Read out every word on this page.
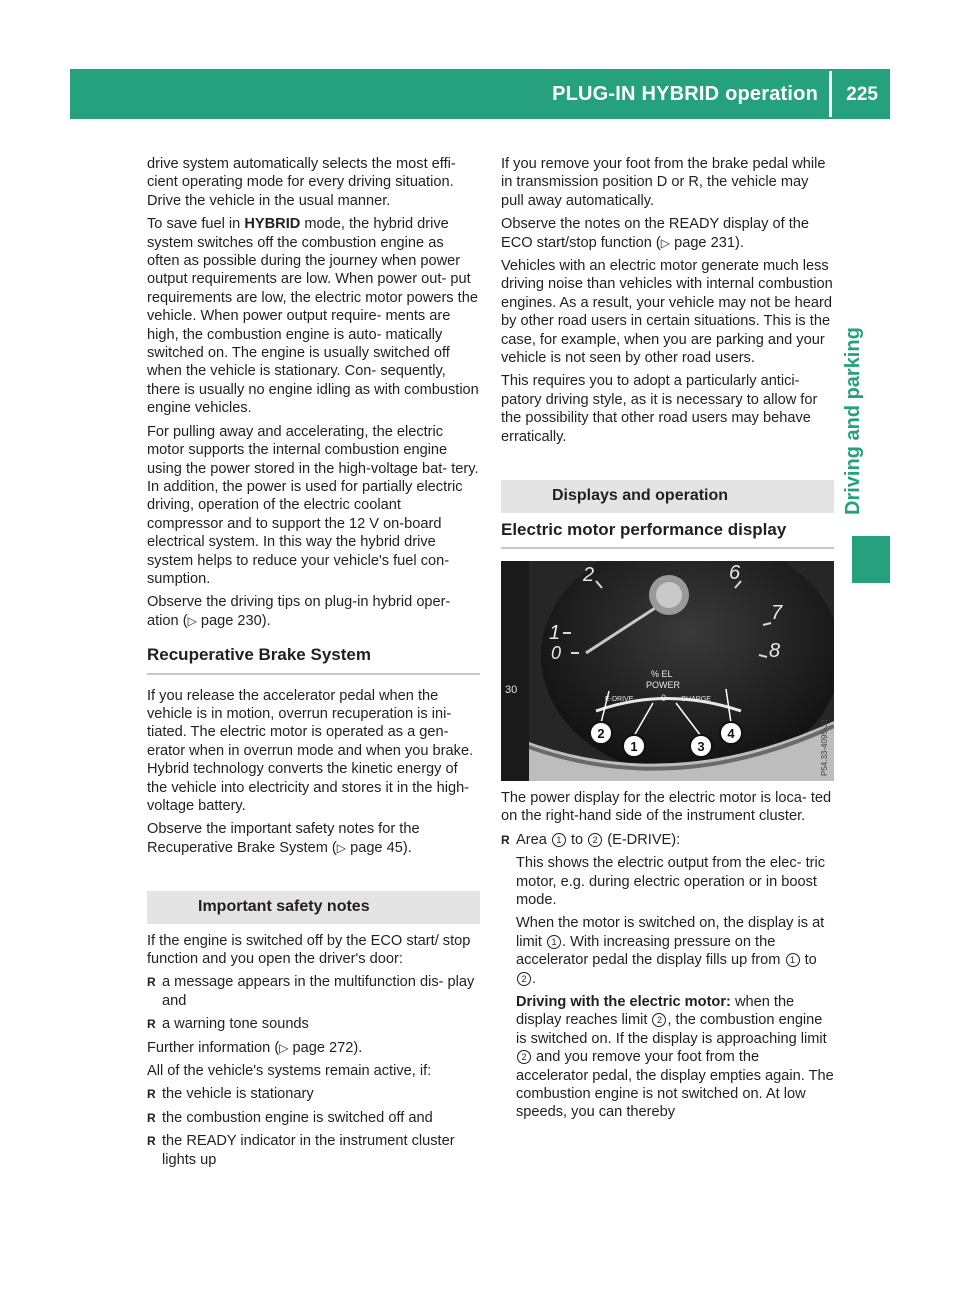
PLUG-IN HYBRID operation 225
Driving and parking

drive system automatically selects the most effi- cient operating mode for every driving situation. Drive the vehicle in the usual manner.

To save fuel in HYBRID mode, the hybrid drive system switches off the combustion engine as often as possible during the journey when power output requirements are low. When power out- put requirements are low, the electric motor powers the vehicle. When power output require- ments are high, the combustion engine is auto- matically switched on. The engine is usually switched off when the vehicle is stationary. Con- sequently, there is usually no engine idling as with combustion engine vehicles.

For pulling away and accelerating, the electric motor supports the internal combustion engine using the power stored in the high-voltage bat- tery. In addition, the power is used for partially electric driving, operation of the electric coolant compressor and to support the 12 V on-board electrical system. In this way the hybrid drive system helps to reduce your vehicle's fuel con- sumption.

Observe the driving tips on plug-in hybrid oper- ation (▷ page 230).

Recuperative Brake System

If you release the accelerator pedal when the vehicle is in motion, overrun recuperation is ini- tiated. The electric motor is operated as a gen- erator when in overrun mode and when you brake. Hybrid technology converts the kinetic energy of the vehicle into electricity and stores it in the high-voltage battery.

Observe the important safety notes for the Recuperative Brake System (▷ page 45).

Important safety notes

If the engine is switched off by the ECO start/ stop function and you open the driver's door:

R a message appears in the multifunction dis- play and
R a warning tone sounds

Further information (▷ page 272).

All of the vehicle's systems remain active, if:

R the vehicle is stationary
R the combustion engine is switched off and
R the READY indicator in the instrument cluster lights up

If you remove your foot from the brake pedal while in transmission position D or R, the vehicle may pull away automatically.

Observe the notes on the READY display of the ECO start/stop function (▷ page 231).

Vehicles with an electric motor generate much less driving noise than vehicles with internal combustion engines. As a result, your vehicle may not be heard by other road users in certain situations. This is the case, for example, when you are parking and your vehicle is not seen by other road users.

This requires you to adopt a particularly antici- patory driving style, as it is necessary to allow for the possibility that other road users may behave erratically.

Displays and operation
Electric motor performance display
30
2
1
0
6
7
8
% EL
POWER
E-DRIVE	0 CHARGE
2
1	3
4	P54.33-4095-31

The power display for the electric motor is loca- ted on the right-hand side of the instrument cluster.

R Area 1 to 2 (E-DRIVE):

This shows the electric output from the elec- tric motor, e.g. during electric operation or in boost mode.

When the motor is switched on, the display is at limit 1 . With increasing pressure on the accelerator pedal the display fills up from 1 to 2 .

Driving with the electric motor: when the display reaches limit 2 , the combustion engine is switched on. If the display is approaching limit 2 and you remove your foot from the accelerator pedal, the display empties again. The combustion engine is not switched on. At low speeds, you can thereby
